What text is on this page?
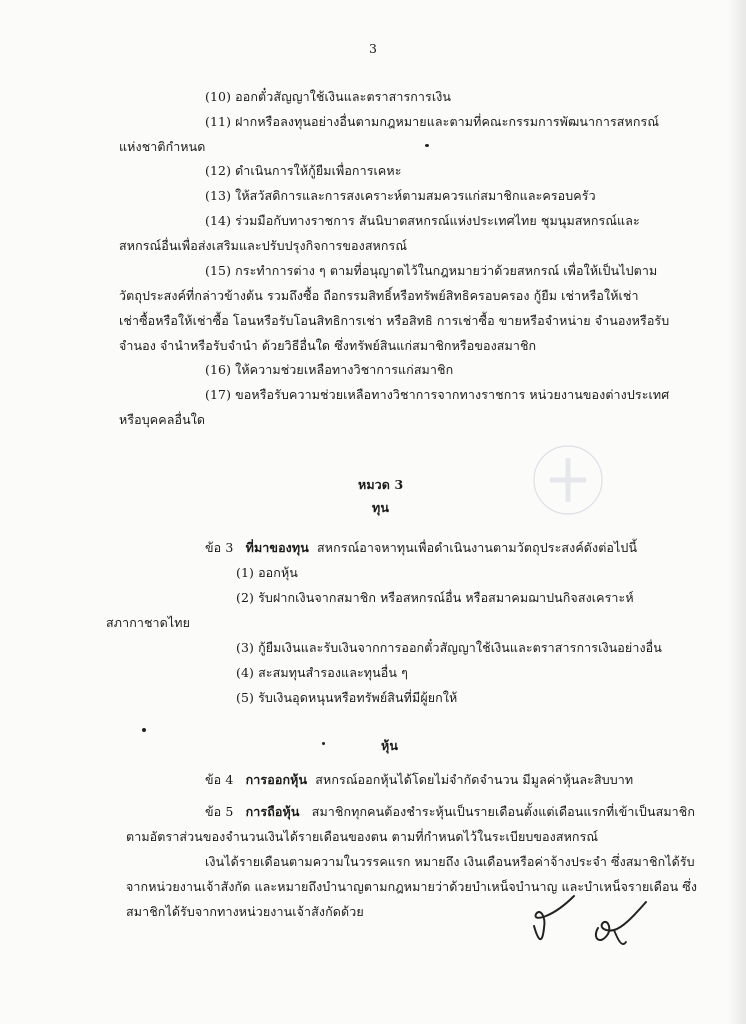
3
(10) ออกตั๋วสัญญาใช้เงินและตราสารการเงิน
(11) ฝากหรือลงทุนอย่างอื่นตามกฎหมายและตามที่คณะกรรมการพัฒนาการสหกรณ์
แห่งชาติกำหนด
(12) ดำเนินการให้กู้ยืมเพื่อการเคหะ
(13) ให้สวัสดิการและการสงเคราะห์ตามสมควรแก่สมาชิกและครอบครัว
(14) ร่วมมือกับทางราชการ สันนิบาตสหกรณ์แห่งประเทศไทย ชุมนุมสหกรณ์และ
สหกรณ์อื่นเพื่อส่งเสริมและปรับปรุงกิจการของสหกรณ์
(15) กระทำการต่าง ๆ ตามที่อนุญาตไว้ในกฎหมายว่าด้วยสหกรณ์ เพื่อให้เป็นไปตาม
วัตถุประสงค์ที่กล่าวข้างต้น รวมถึงซื้อ ถือกรรมสิทธิ์หรือทรัพย์สิทธิครอบครอง กู้ยืม เช่าหรือให้เช่า
เช่าซื้อหรือให้เช่าซื้อ โอนหรือรับโอนสิทธิการเช่า หรือสิทธิ การเช่าซื้อ ขายหรือจำหน่าย จำนองหรือรับ
จำนอง จำนำหรือรับจำนำ ด้วยวิธีอื่นใด ซึ่งทรัพย์สินแก่สมาชิกหรือของสมาชิก
(16) ให้ความช่วยเหลือทางวิชาการแก่สมาชิก
(17) ขอหรือรับความช่วยเหลือทางวิชาการจากทางราชการ หน่วยงานของต่างประเทศ
หรือบุคคลอื่นใด
หมวด 3
ทุน
ข้อ 3 ที่มาของทุน สหกรณ์อาจหาทุนเพื่อดำเนินงานตามวัตถุประสงค์ดังต่อไปนี้
(1) ออกหุ้น
(2) รับฝากเงินจากสมาชิก หรือสหกรณ์อื่น หรือสมาคมฌาปนกิจสงเคราะห์
สภากาชาดไทย
(3) กู้ยืมเงินและรับเงินจากการออกตั๋วสัญญาใช้เงินและตราสารการเงินอย่างอื่น
(4) สะสมทุนสำรองและทุนอื่น ๆ
(5) รับเงินอุดหนุนหรือทรัพย์สินที่มีผู้ยกให้
หุ้น
ข้อ 4 การออกหุ้น สหกรณ์ออกหุ้นได้โดยไม่จำกัดจำนวน มีมูลค่าหุ้นละสิบบาท
ข้อ 5 การถือหุ้น สมาชิกทุกคนต้องชำระหุ้นเป็นรายเดือนตั้งแต่เดือนแรกที่เข้าเป็นสมาชิก
ตามอัตราส่วนของจำนวนเงินได้รายเดือนของตน ตามที่กำหนดไว้ในระเบียบของสหกรณ์
เงินได้รายเดือนตามความในวรรคแรก หมายถึง เงินเดือนหรือค่าจ้างประจำ ซึ่งสมาชิกได้รับ
จากหน่วยงานเจ้าสังกัด และหมายถึงบำนาญตามกฎหมายว่าด้วยบำเหน็จบำนาญ และบำเหน็จรายเดือน ซึ่ง
สมาชิกได้รับจากทางหน่วยงานเจ้าสังกัดด้วย
